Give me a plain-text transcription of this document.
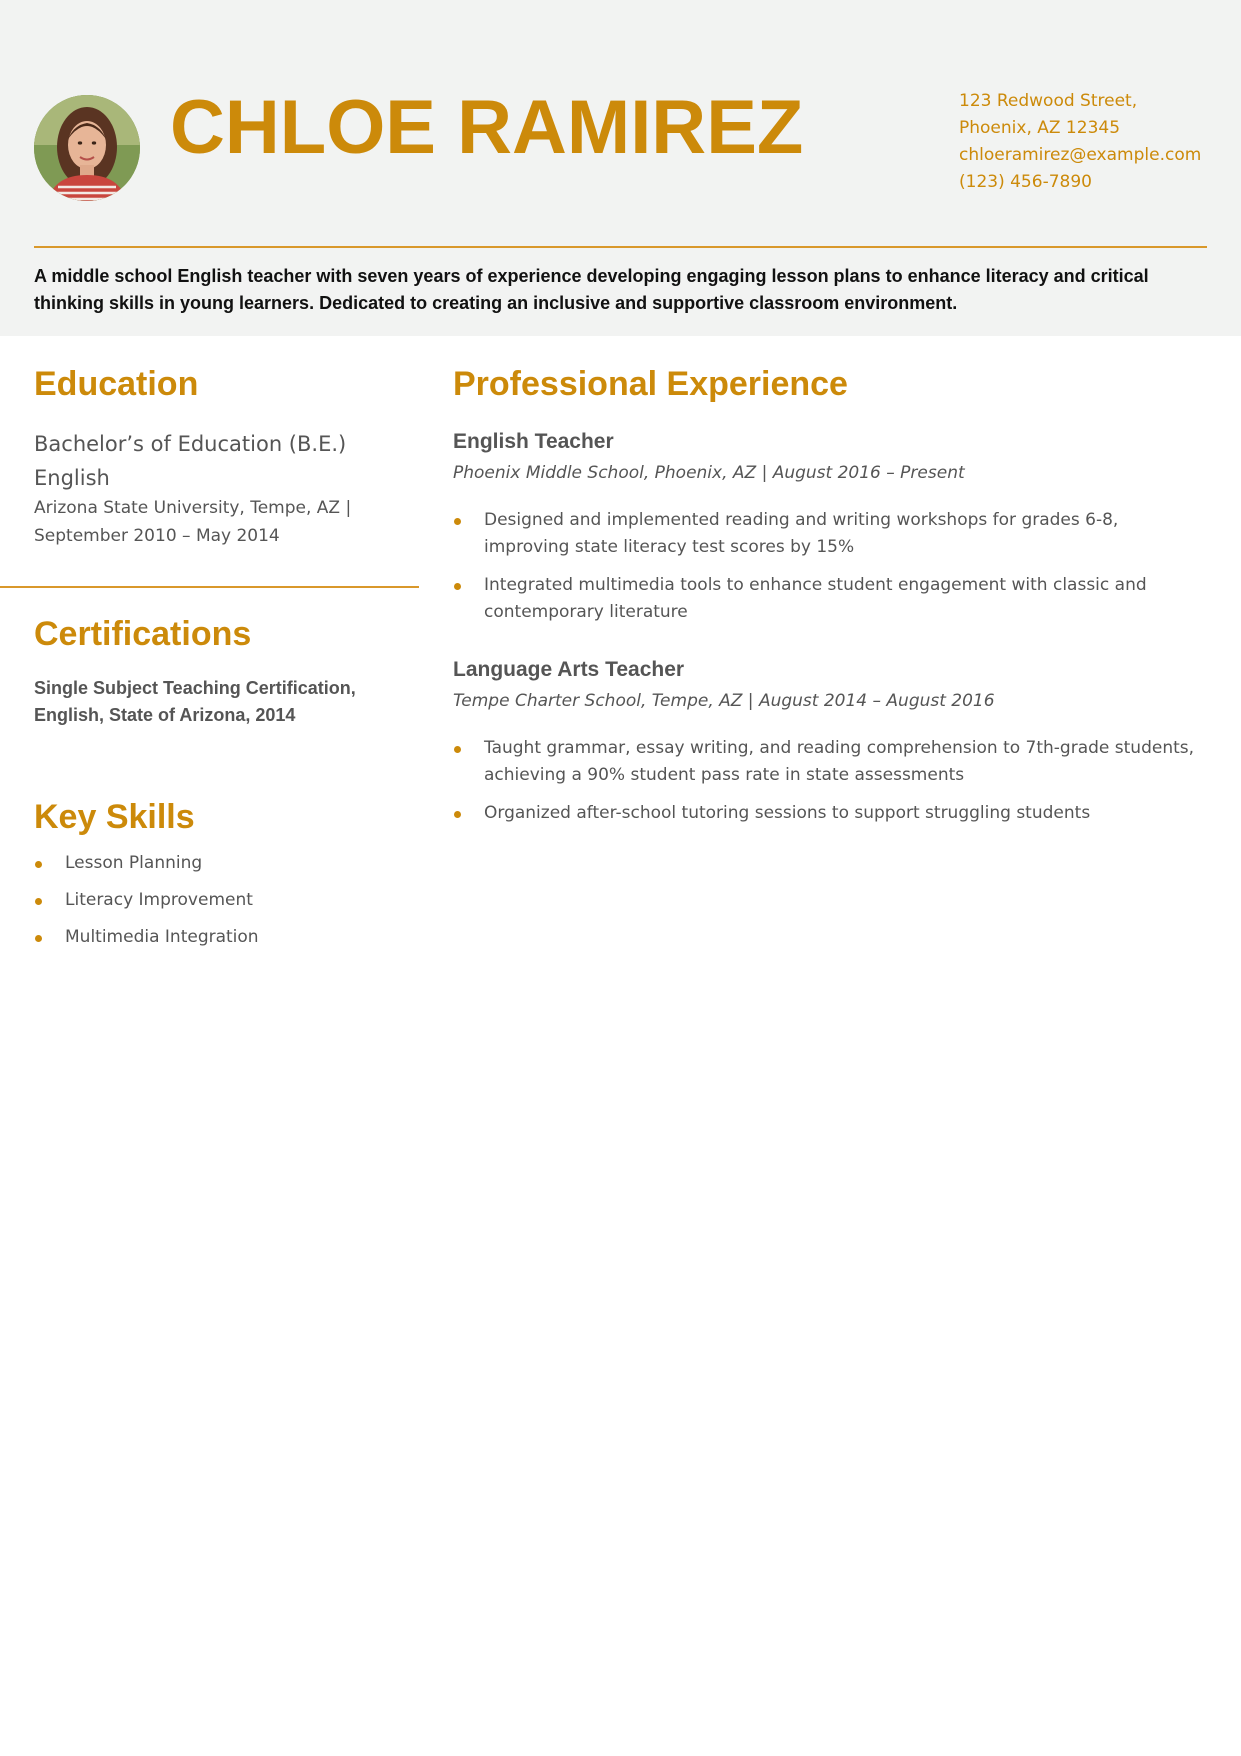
CHLOE RAMIREZ	123 Redwood Street,
Phoenix, AZ 12345
chloeramirez@example.com
(123) 456-7890
A middle school English teacher with seven years of experience developing engaging lesson plans to enhance literacy and critical thinking skills in young learners. Dedicated to creating an inclusive and supportive classroom environment.
Education
Bachelor’s of Education (B.E.)
English
Arizona State University, Tempe, AZ |
September 2010 – May 2014
Certifications
Single Subject Teaching Certification,
English, State of Arizona, 2014
Key Skills
Lesson Planning
Literacy Improvement
Multimedia Integration
Professional Experience
English Teacher
Phoenix Middle School, Phoenix, AZ | August 2016 – Present
Designed and implemented reading and writing workshops for grades 6-8, improving state literacy test scores by 15%
Integrated multimedia tools to enhance student engagement with classic and contemporary literature
Language Arts Teacher
Tempe Charter School, Tempe, AZ | August 2014 – August 2016
Taught grammar, essay writing, and reading comprehension to 7th-grade students, achieving a 90% student pass rate in state assessments
Organized after-school tutoring sessions to support struggling students
